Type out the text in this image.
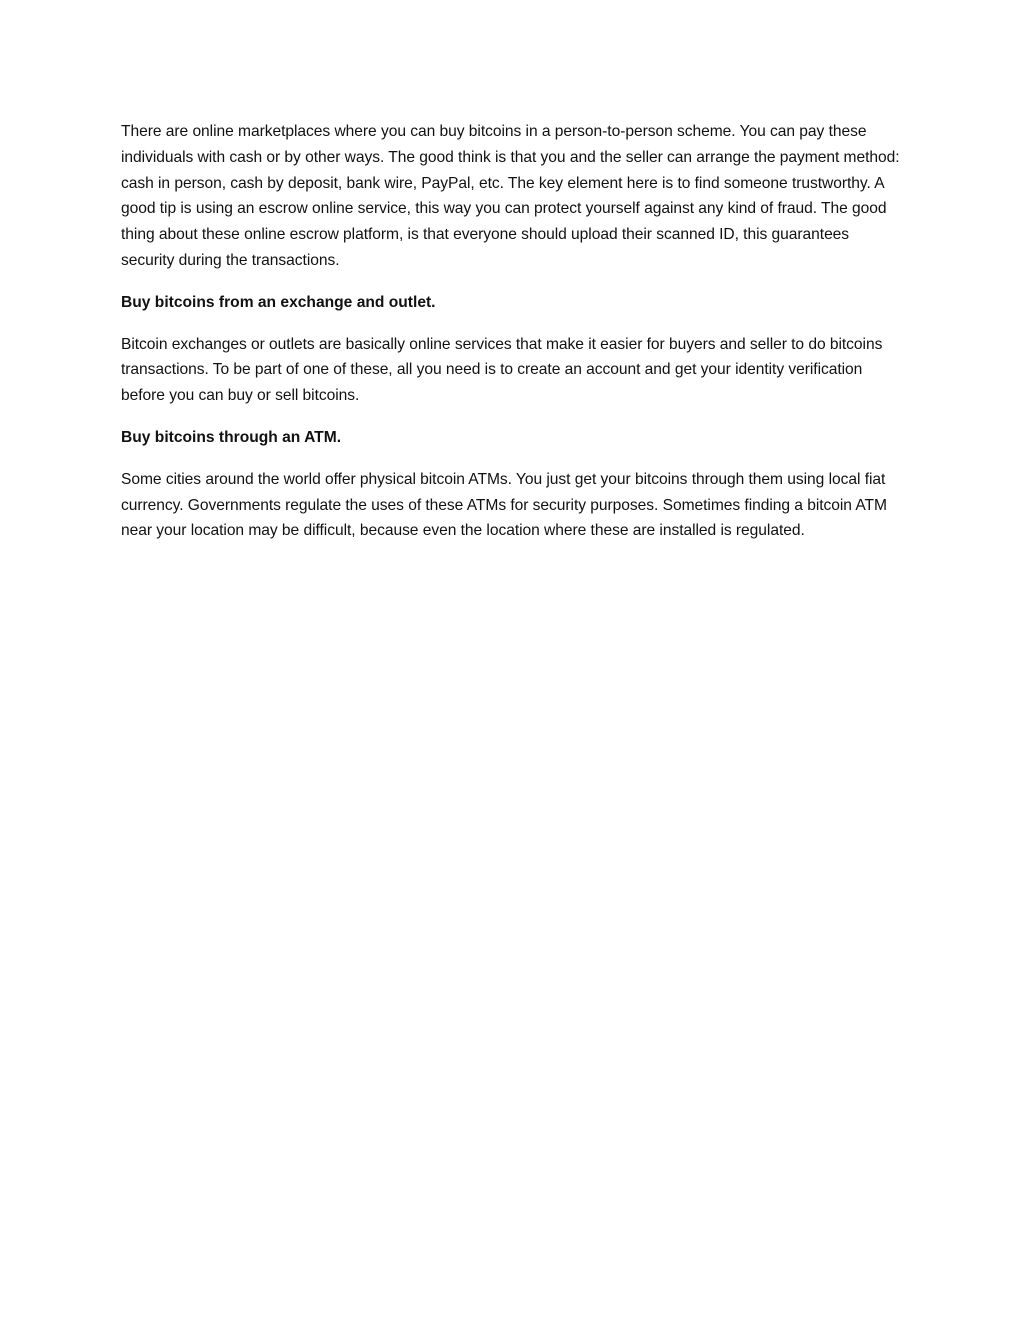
There are online marketplaces where you can buy bitcoins in a person-to-person scheme. You can pay these individuals with cash or by other ways. The good think is that you and the seller can arrange the payment method: cash in person, cash by deposit, bank wire, PayPal, etc. The key element here is to find someone trustworthy. A good tip is using an escrow online service, this way you can protect yourself against any kind of fraud. The good thing about these online escrow platform, is that everyone should upload their scanned ID, this guarantees security during the transactions.

Buy bitcoins from an exchange and outlet.

Bitcoin exchanges or outlets are basically online services that make it easier for buyers and seller to do bitcoins transactions. To be part of one of these, all you need is to create an account and get your identity verification before you can buy or sell bitcoins.

Buy bitcoins through an ATM.

Some cities around the world offer physical bitcoin ATMs. You just get your bitcoins through them using local fiat currency. Governments regulate the uses of these ATMs for security purposes. Sometimes finding a bitcoin ATM near your location may be difficult, because even the location where these are installed is regulated.
